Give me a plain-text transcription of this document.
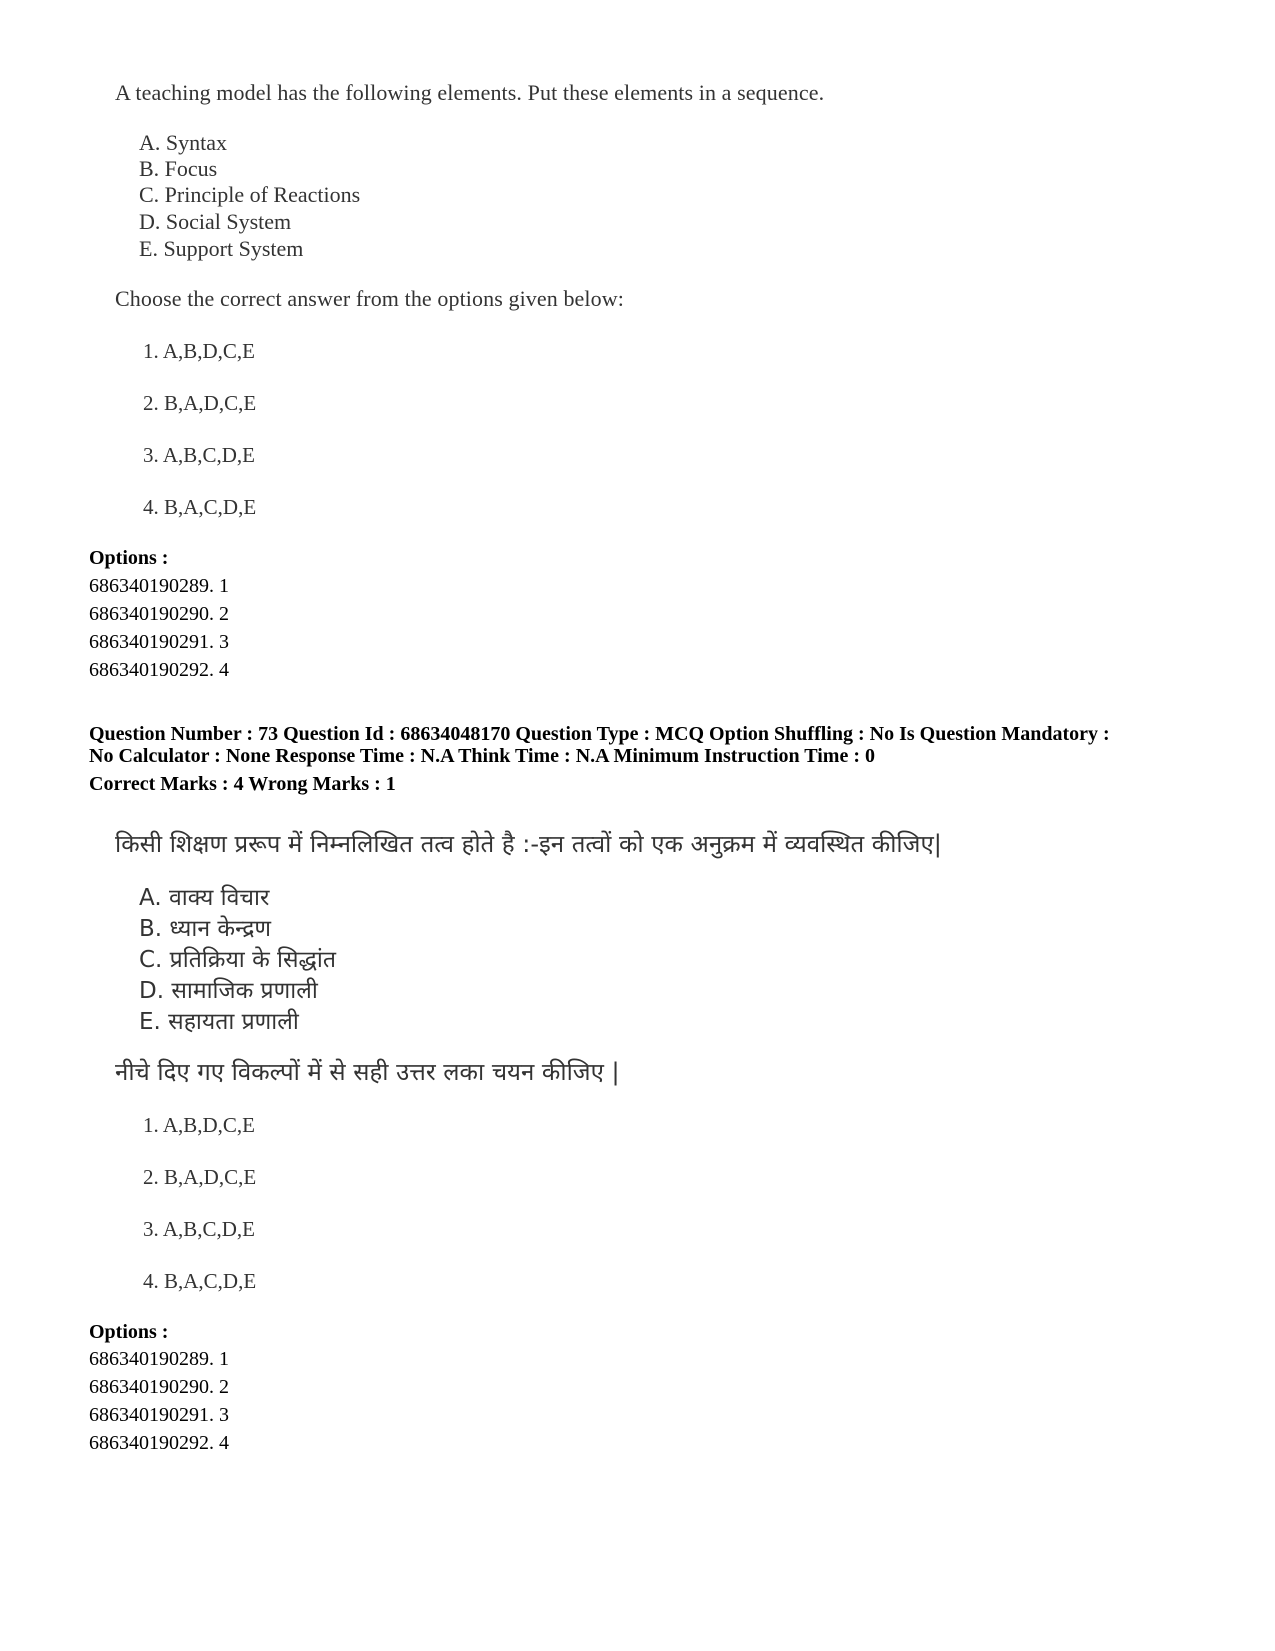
A teaching model has the following elements. Put these elements in a sequence.
A. Syntax
B. Focus
C. Principle of Reactions
D. Social System
E. Support System
Choose the correct answer from the options given below:
1. A,B,D,C,E
2. B,A,D,C,E
3. A,B,C,D,E
4. B,A,C,D,E
Options :
686340190289. 1
686340190290. 2
686340190291. 3
686340190292. 4
Question Number : 73 Question Id : 68634048170 Question Type : MCQ Option Shuffling : No Is Question Mandatory :
No Calculator : None Response Time : N.A Think Time : N.A Minimum Instruction Time : 0
Correct Marks : 4 Wrong Marks : 1
किसी शिक्षण प्ररूप में निम्नलिखित तत्व होते है :-इन तत्वों को एक अनुक्रम में व्यवस्थित कीजिए|
A. वाक्य विचार
B. ध्यान केन्द्रण
C. प्रतिक्रिया के सिद्धांत
D. सामाजिक प्रणाली
E. सहायता प्रणाली
नीचे दिए गए विकल्पों में से सही उत्तर लका चयन कीजिए |
1. A,B,D,C,E
2. B,A,D,C,E
3. A,B,C,D,E
4. B,A,C,D,E
Options :
686340190289. 1
686340190290. 2
686340190291. 3
686340190292. 4
